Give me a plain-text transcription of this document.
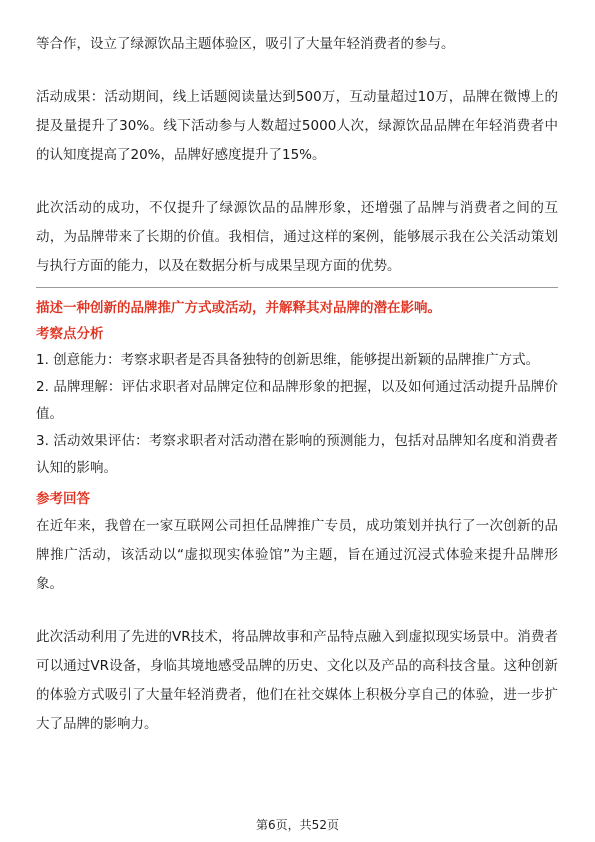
等合作，设立了绿源饮品主题体验区，吸引了大量年轻消费者的参与。

活动成果：活动期间，线上话题阅读量达到500万，互动量超过10万，品牌在微博上的提及量提升了30%。线下活动参与人数超过5000人次，绿源饮品品牌在年轻消费者中的认知度提高了20%，品牌好感度提升了15%。

此次活动的成功，不仅提升了绿源饮品的品牌形象，还增强了品牌与消费者之间的互动，为品牌带来了长期的价值。我相信，通过这样的案例，能够展示我在公关活动策划与执行方面的能力，以及在数据分析与成果呈现方面的优势。

描述一种创新的品牌推广方式或活动，并解释其对品牌的潜在影响。

考察点分析

1. 创意能力：考察求职者是否具备独特的创新思维，能够提出新颖的品牌推广方式。

2. 品牌理解：评估求职者对品牌定位和品牌形象的把握，以及如何通过活动提升品牌价值。

3. 活动效果评估：考察求职者对活动潜在影响的预测能力，包括对品牌知名度和消费者认知的影响。

参考回答

在近年来，我曾在一家互联网公司担任品牌推广专员，成功策划并执行了一次创新的品牌推广活动，该活动以“虚拟现实体验馆”为主题，旨在通过沉浸式体验来提升品牌形象。

此次活动利用了先进的VR技术，将品牌故事和产品特点融入到虚拟现实场景中。消费者可以通过VR设备，身临其境地感受品牌的历史、文化以及产品的高科技含量。这种创新的体验方式吸引了大量年轻消费者，他们在社交媒体上积极分享自己的体验，进一步扩大了品牌的影响力。

第6页，共52页
